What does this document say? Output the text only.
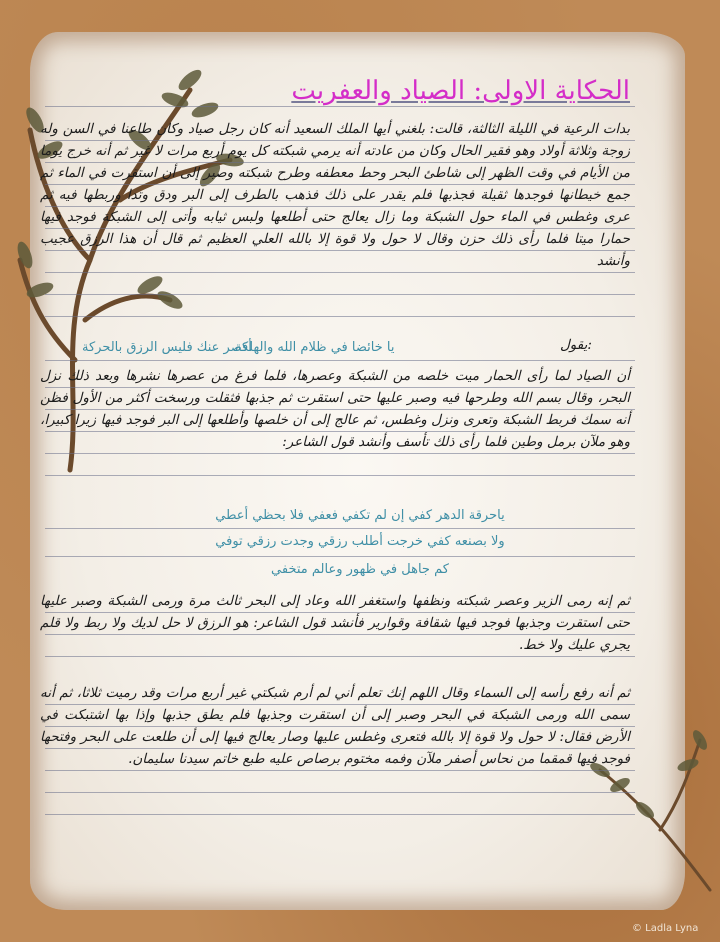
الحكاية الاولى: الصياد والعفريت
بدات الرعية في الليلة الثالثة، قالت: بلغني أيها الملك السعيد أنه كان رجل صياد وكان طاعنا في السن وله زوجة وثلاثة أولاد وهو فقير الحال وكان من عادته أنه يرمي شبكته كل يوم أربع مرات لا غير ثم أنه خرج يوما من الأيام في وقت الظهر إلى شاطئ البحر وحط معطفه وطرح شبكته وصبر إلى أن استقرت في الماء ثم جمع خيطانها فوجدها ثقيلة فجذبها فلم يقدر على ذلك فذهب بالطرف إلى البر ودق وتدا وربطها فيه ثم عرى وغطس في الماء حول الشبكة وما زال يعالج حتى أطلعها ولبس ثيابه وأتى إلى الشبكة فوجد فيها حمارا ميتا فلما رأى ذلك حزن وقال لا حول ولا قوة إلا بالله العلي العظيم ثم قال أن هذا الرزق عجيب وأنشد
يقول:
يا خائضا في ظلام الله والهلكة
أقصر عنك فليس الرزق بالحركة
أن الصياد لما رأى الحمار ميت خلصه من الشبكة وعصرها، فلما فرغ من عصرها نشرها وبعد ذلك نزل البحر، وقال بسم الله وطرحها فيه وصبر عليها حتى استقرت ثم جذبها فثقلت ورسخت أكثر من الأول فظن أنه سمك فربط الشبكة وتعرى ونزل وغطس، ثم عالج إلى أن خلصها وأطلعها إلى البر فوجد فيها زيرا كبيرا، وهو ملآن برمل وطين فلما رأى ذلك تأسف وأنشد قول الشاعر:
ياحرقة الدهر كفي إن لم تكفي فعفي فلا بحظي أعطي
ولا بصنعه كفي خرجت أطلب رزقي وجدت رزقي توفي
كم جاهل في ظهور وعالم متخفي
ثم إنه رمى الزير وعصر شبكته ونظفها واستغفر الله وعاد إلى البحر ثالث مرة ورمى الشبكة وصبر عليها حتى استقرت وجذبها فوجد فيها شقافة وقوارير فأنشد قول الشاعر: هو الرزق لا حل لديك ولا ربط ولا قلم يجري عليك ولا خط.
ثم أنه رفع رأسه إلى السماء وقال اللهم إنك تعلم أني لم أرم شبكتي غير أربع مرات وقد رميت ثلاثا، ثم أنه سمى الله ورمى الشبكة في البحر وصبر إلى أن استقرت وجذبها فلم يطق جذبها وإذا بها اشتبكت في الأرض فقال: لا حول ولا قوة إلا بالله فتعرى وغطس عليها وصار يعالج فيها إلى أن طلعت على البحر وفتحها فوجد فيها قمقما من نحاس أصفر ملآن وفمه مختوم برصاص عليه طبع خاتم سيدنا سليمان.
© Ladla Lyna
